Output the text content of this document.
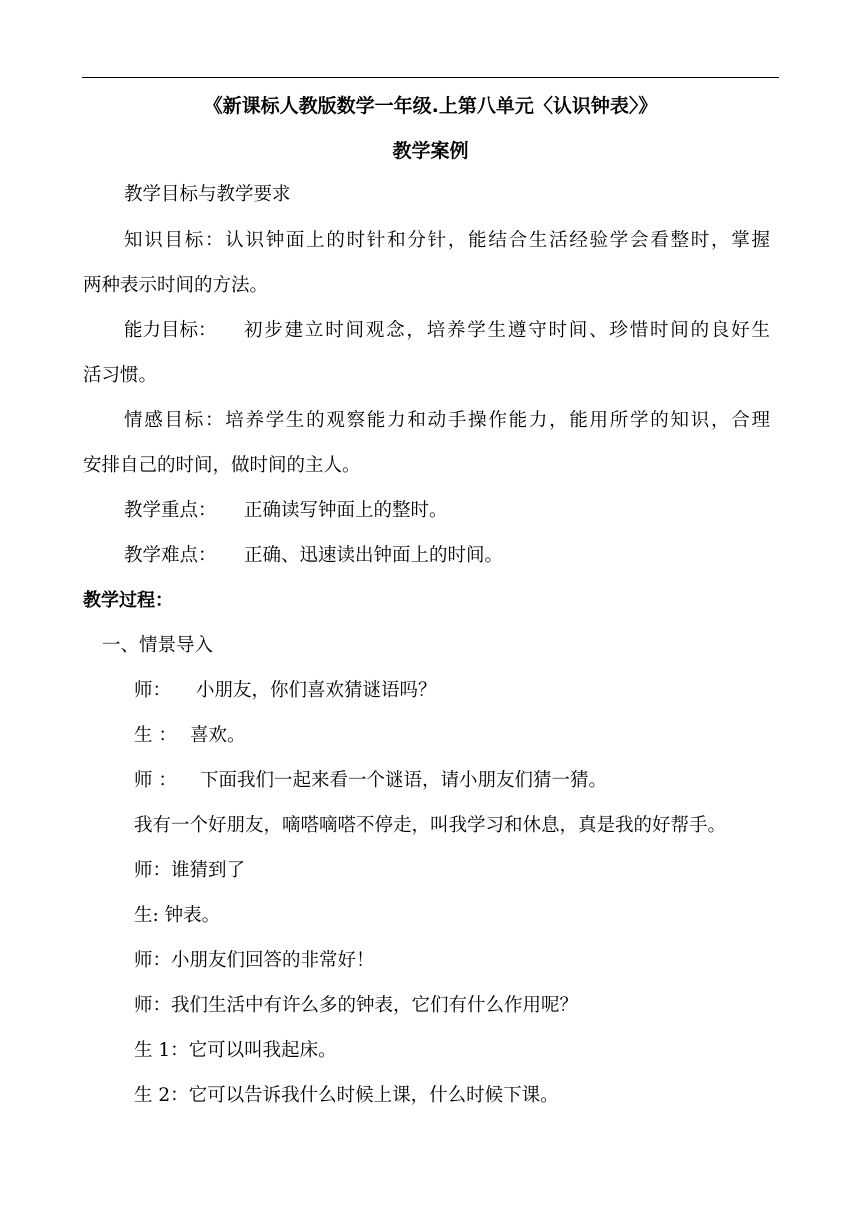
《新课标人教版数学一年级.上第八单元〈认识钟表〉》
教学案例
教学目标与教学要求
知识目标：认识钟面上的时针和分针，能结合生活经验学会看整时，掌握
两种表示时间的方法。
能力目标： 初步建立时间观念，培养学生遵守时间、珍惜时间的良好生
活习惯。
情感目标：培养学生的观察能力和动手操作能力，能用所学的知识，合理
安排自己的时间，做时间的主人。
教学重点： 正确读写钟面上的整时。
教学难点： 正确、迅速读出钟面上的时间。
教学过程：
一、情景导入
师： 小朋友，你们喜欢猜谜语吗？
生 ： 喜欢。
师 ： 下面我们一起来看一个谜语，请小朋友们猜一猜。
我有一个好朋友，嘀嗒嘀嗒不停走，叫我学习和休息，真是我的好帮手。
师：谁猜到了
生: 钟表。
师：小朋友们回答的非常好！
师：我们生活中有许么多的钟表，它们有什么作用呢？
生 1：它可以叫我起床。
生 2：它可以告诉我什么时候上课，什么时候下课。
